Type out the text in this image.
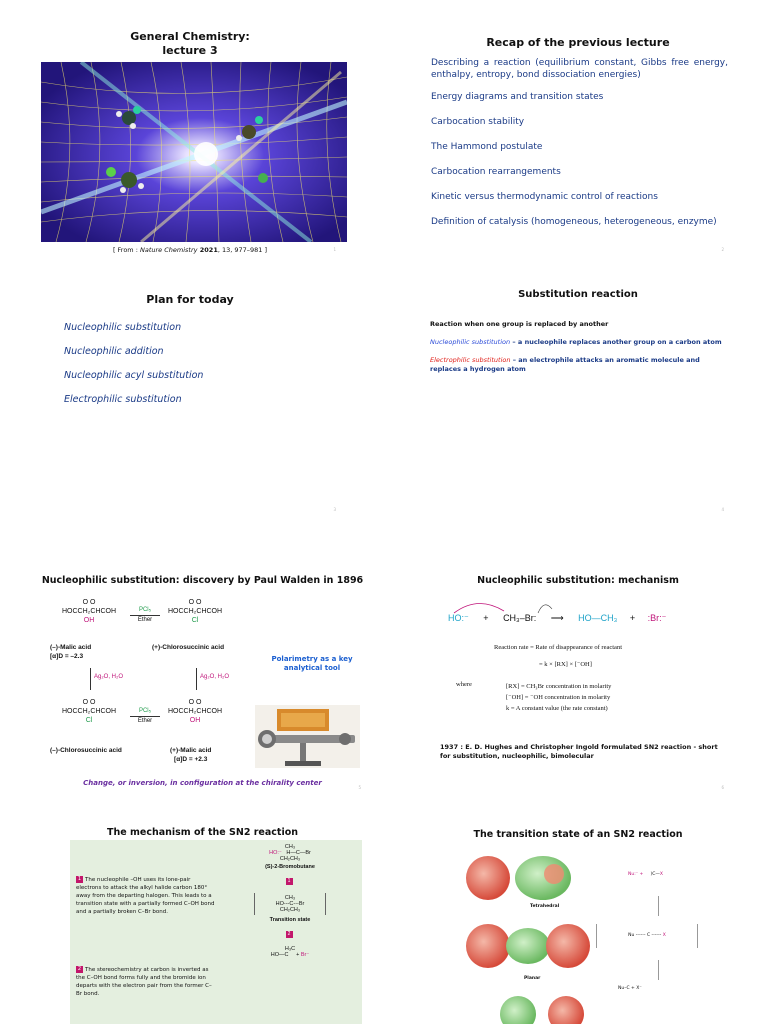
General Chemistry:
lecture 3
[ From : Nature Chemistry 2021, 13, 977–981 ]	1
Recap of the previous lecture

Describing a reaction (equilibrium constant, Gibbs free energy, enthalpy, entropy, bond dissociation energies)

Energy diagrams and transition states

Carbocation stability

The Hammond postulate

Carbocation rearrangements

Kinetic versus thermodynamic control of reactions

Definition of catalysis (homogeneous, heterogeneous, enzyme)

2
Plan for today

Nucleophilic substitution

Nucleophilic addition

Nucleophilic acyl substitution

Electrophilic substitution

3
Substitution reaction
Reaction when one group is replaced by another
Nucleophilic substitution – a nucleophile replaces another group on a carbon atom
Electrophilic substitution – an electrophile attacks an aromatic molecule and replaces a hydrogen atom
4
Nucleophilic substitution: discovery by Paul Walden in 1896
O O
HOCCH₂CHCOH
OH
PCl₅
Ether
O O
HOCCH₂CHCOH
Cl
(–)-Malic acid
[α]D = –2.3
(+)-Chlorosuccinic acid
Ag₂O, H₂O	Ag₂O, H₂O
O O
HOCCH₂CHCOH
Cl
PCl₅
Ether
O O
HOCCH₂CHCOH
OH
(–)-Chlorosuccinic acid	(+)-Malic acid
[α]D = +2.3
Polarimetry as a key analytical tool
Change, or inversion, in configuration at the chirality center
5
Nucleophilic substitution: mechanism
HO:⁻ + CH₃–Br: ⟶ HO—CH₃ + :Br:⁻
Reaction rate = Rate of disappearance of reactant
= k × [RX] × [⁻OH]
where	[RX] = CH₃Br concentration in molarity
[⁻OH] = ⁻OH concentration in molarity
k = A constant value (the rate constant)
1937 : E. D. Hughes and Christopher Ingold formulated SN2 reaction - short for substitution, nucleophilic, bimolecular
6
The mechanism of the SN2 reaction
1 The nucleophile –OH uses its lone-pair electrons to attack the alkyl halide carbon 180° away from the departing halogen. This leads to a transition state with a partially formed C–OH bond and a partially broken C–Br bond.
2 The stereochemistry at carbon is inverted as the C–OH bond forms fully and the bromide ion departs with the electron pair from the former C–Br bond.
CH₃
HO:⁻   H—C—Br
CH₂CH₃
(S)-2-Bromobutane
1
CH₃
HO---C---Br
CH₂CH₃
Transition state
2
H₃C
HO—C     + Br⁻
The transition state of an SN2 reaction
Tetrahedral
Planar
Nu:⁻ +     ⟩C—X
Nu ------ C ------ X
Nu–C + X⁻
